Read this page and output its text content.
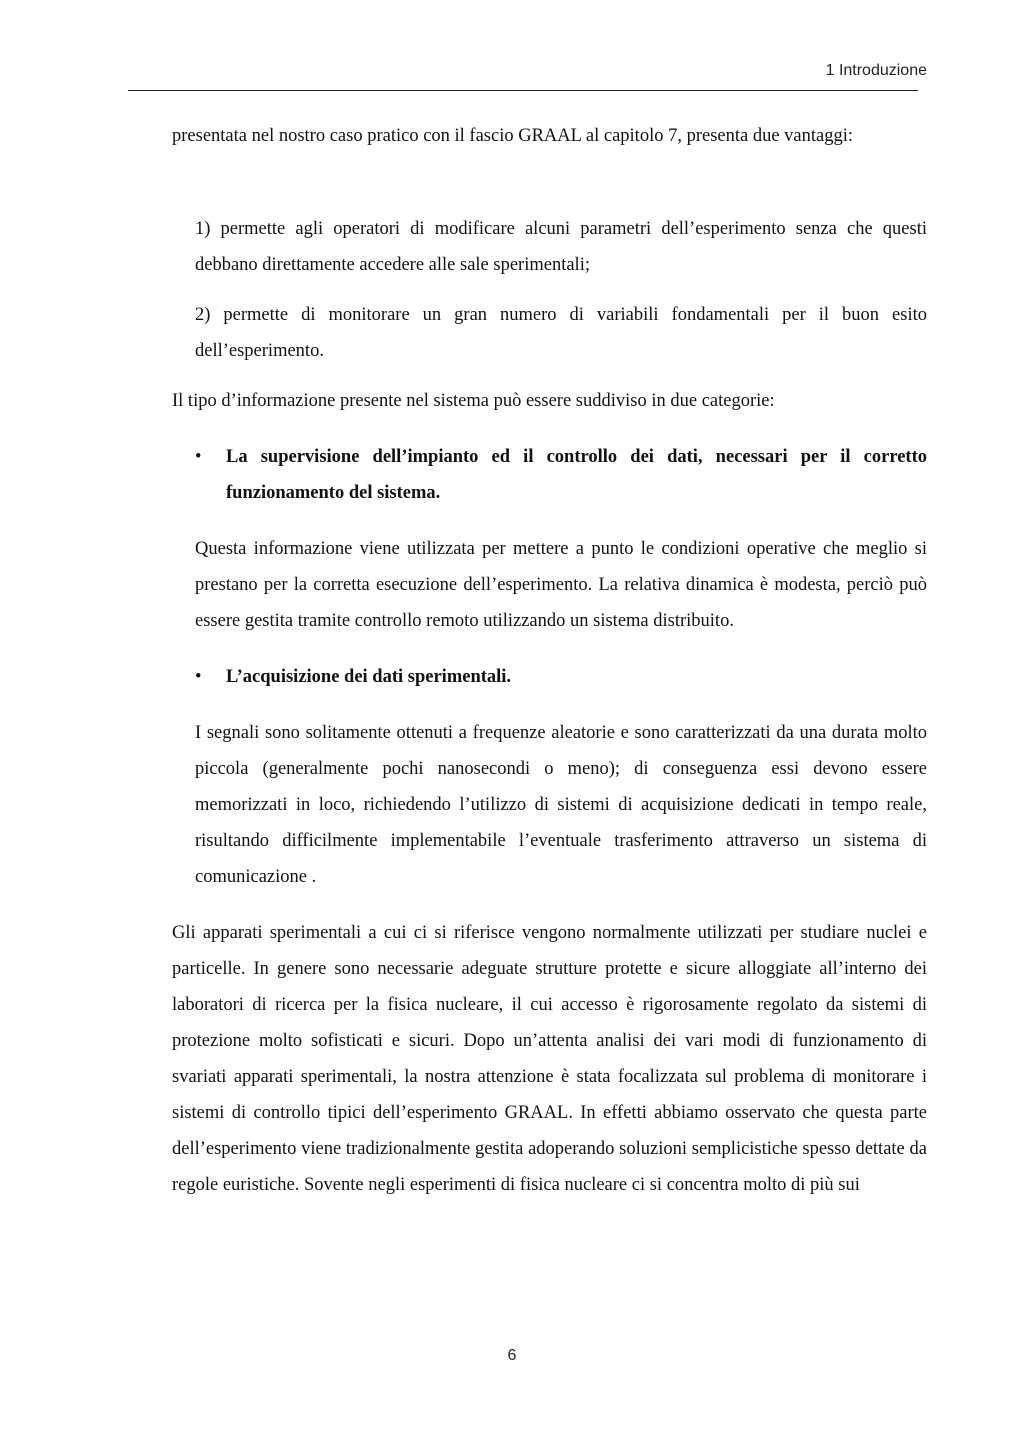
1 Introduzione

presentata nel nostro caso pratico con il fascio GRAAL al capitolo 7, presenta due vantaggi:

1) permette agli operatori di modificare alcuni parametri dell’esperimento senza che questi debbano direttamente accedere alle sale sperimentali;

2) permette di monitorare un gran numero di variabili fondamentali per il buon esito dell’esperimento.

Il tipo d’informazione presente nel sistema può essere suddiviso in due categorie:

•	La supervisione dell’impianto ed il controllo dei dati, necessari per il corretto funzionamento del sistema.

Questa informazione viene utilizzata per mettere a punto le condizioni operative che meglio si prestano per la corretta esecuzione dell’esperimento. La relativa dinamica è modesta, perciò può essere gestita tramite controllo remoto utilizzando un sistema distribuito.

•	L’acquisizione dei dati sperimentali.

I segnali sono solitamente ottenuti a frequenze aleatorie e sono caratterizzati da una durata molto piccola (generalmente pochi nanosecondi o meno); di conseguenza essi devono essere memorizzati in loco, richiedendo l’utilizzo di sistemi di acquisizione dedicati in tempo reale, risultando difficilmente implementabile l’eventuale trasferimento attraverso un sistema di comunicazione .

Gli apparati sperimentali a cui ci si riferisce vengono normalmente utilizzati per studiare nuclei e particelle. In genere sono necessarie adeguate strutture protette e sicure alloggiate all’interno dei laboratori di ricerca per la fisica nucleare, il cui accesso è rigorosamente regolato da sistemi di protezione molto sofisticati e sicuri. Dopo un’attenta analisi dei vari modi di funzionamento di svariati apparati sperimentali, la nostra attenzione è stata focalizzata sul problema di monitorare i sistemi di controllo tipici dell’esperimento GRAAL. In effetti abbiamo osservato che questa parte dell’esperimento viene tradizionalmente gestita adoperando soluzioni semplicistiche spesso dettate da regole euristiche. Sovente negli esperimenti di fisica nucleare ci si concentra molto di più sui

6
